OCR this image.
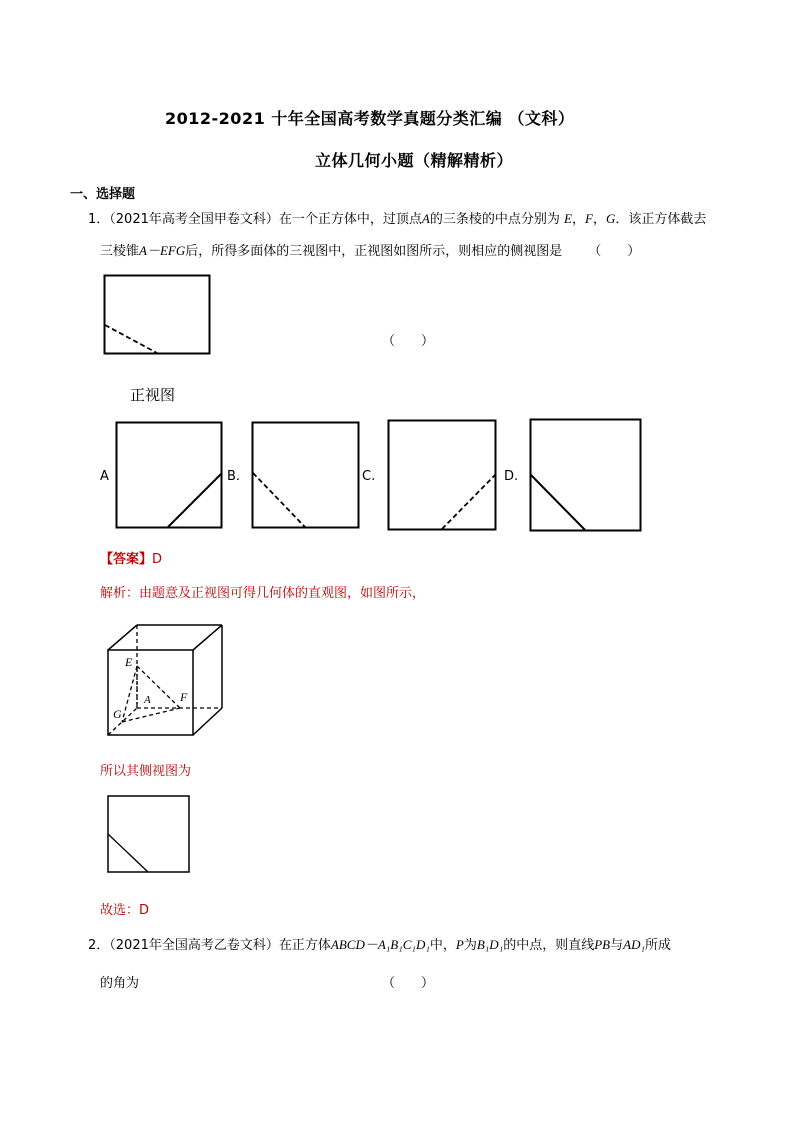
2012-2021 十年全国高考数学真题分类汇编 （文科）
立体几何小题（精解精析）
一、选择题
1．（2021年高考全国甲卷文科）在一个正方体中，过顶点A的三条棱的中点分别为 E，F，G．该正方体截去
三棱锥A－EFG后，所得多面体的三视图中，正视图如图所示，则相应的侧视图是 （　　）
正视图
（　　）
A	B.	C.	D.
【答案】D
解析：由题意及正视图可得几何体的直观图，如图所示，
E
A F
G
所以其侧视图为
故选：D
2．（2021年全国高考乙卷文科）在正方体ABCD－A₁B₁C₁D₁中，P为B₁D₁的中点，则直线PB与AD₁所成
的角为	（　　）
